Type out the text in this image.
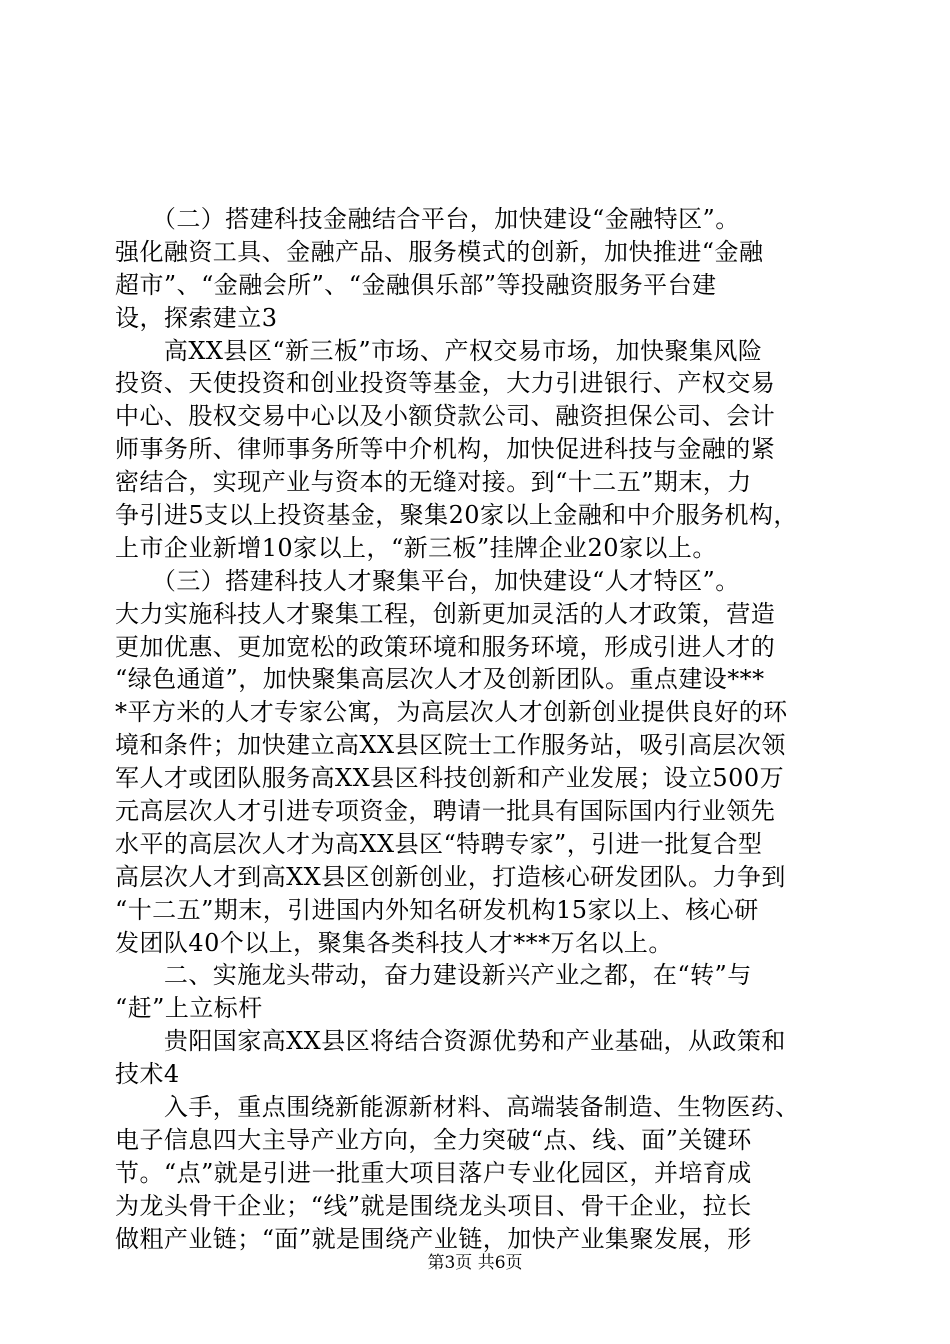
　　（二）搭建科技金融结合平台，加快建设“金融特区”。
强化融资工具、金融产品、服务模式的创新，加快推进“金融
超市”、“金融会所”、“金融俱乐部”等投融资服务平台建
设，探索建立3
　　高XX县区“新三板”市场、产权交易市场，加快聚集风险
投资、天使投资和创业投资等基金，大力引进银行、产权交易
中心、股权交易中心以及小额贷款公司、融资担保公司、会计
师事务所、律师事务所等中介机构，加快促进科技与金融的紧
密结合，实现产业与资本的无缝对接。到“十二五”期末，力
争引进5支以上投资基金，聚集20家以上金融和中介服务机构，
上市企业新增10家以上，“新三板”挂牌企业20家以上。
　　（三）搭建科技人才聚集平台，加快建设“人才特区”。
大力实施科技人才聚集工程，创新更加灵活的人才政策，营造
更加优惠、更加宽松的政策环境和服务环境，形成引进人才的
“绿色通道”，加快聚集高层次人才及创新团队。重点建设***
*平方米的人才专家公寓，为高层次人才创新创业提供良好的环
境和条件；加快建立高XX县区院士工作服务站，吸引高层次领
军人才或团队服务高XX县区科技创新和产业发展；设立500万
元高层次人才引进专项资金，聘请一批具有国际国内行业领先
水平的高层次人才为高XX县区“特聘专家”，引进一批复合型
高层次人才到高XX县区创新创业，打造核心研发团队。力争到
“十二五”期末，引进国内外知名研发机构15家以上、核心研
发团队40个以上，聚集各类科技人才***万名以上。
　　二、实施龙头带动，奋力建设新兴产业之都，在“转”与
“赶”上立标杆
　　贵阳国家高XX县区将结合资源优势和产业基础，从政策和
技术4
　　入手，重点围绕新能源新材料、高端装备制造、生物医药、
电子信息四大主导产业方向，全力突破“点、线、面”关键环
节。“点”就是引进一批重大项目落户专业化园区，并培育成
为龙头骨干企业；“线”就是围绕龙头项目、骨干企业，拉长
做粗产业链；“面”就是围绕产业链，加快产业集聚发展，形
第3页 共6页
